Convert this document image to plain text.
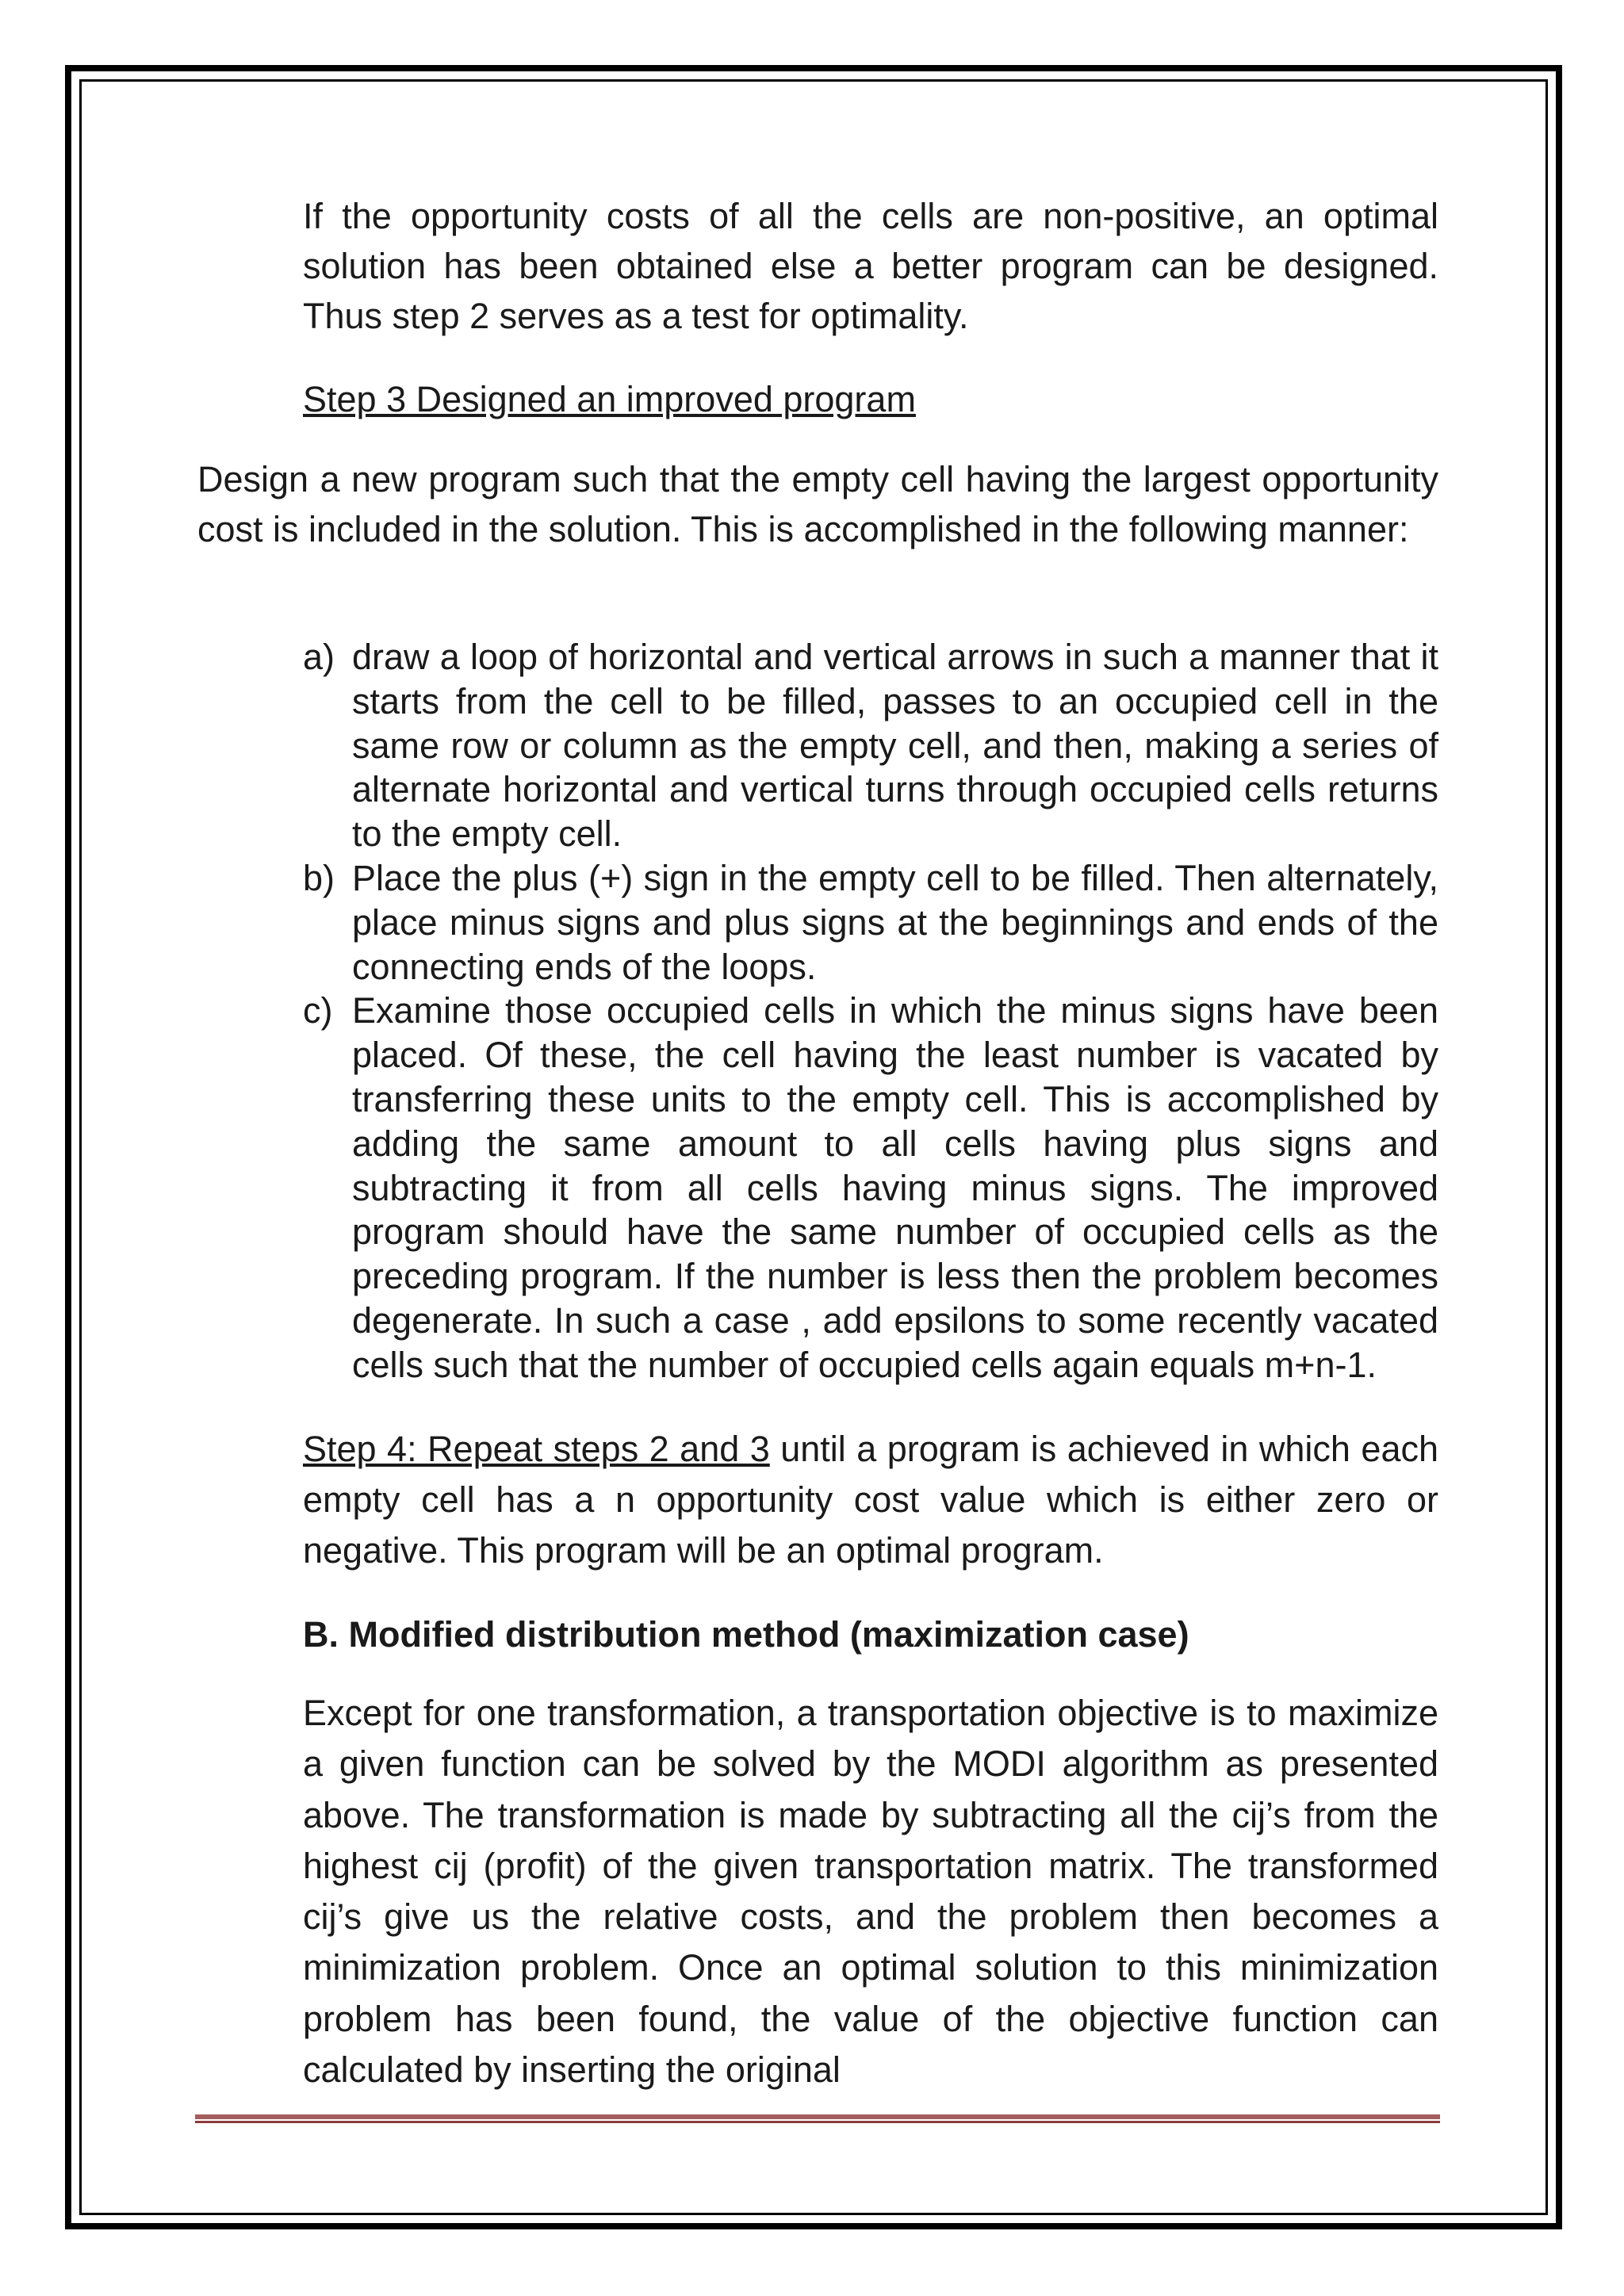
If the opportunity costs of all the cells are non-positive, an optimal solution has been obtained else a better program can be designed. Thus step 2 serves as a test for optimality.

Step 3 Designed an improved program

Design a new program such that the empty cell having the largest opportunity cost is included in the solution. This is accomplished in the following manner:

a) draw a loop of horizontal and vertical arrows in such a manner that it starts from the cell to be filled, passes to an occupied cell in the same row or column as the empty cell, and then, making a series of alternate horizontal and vertical turns through occupied cells returns to the empty cell.
b) Place the plus (+) sign in the empty cell to be filled. Then alternately, place minus signs and plus signs at the beginnings and ends of the connecting ends of the loops.
c) Examine those occupied cells in which the minus signs have been placed. Of these, the cell having the least number is vacated by transferring these units to the empty cell. This is accomplished by adding the same amount to all cells having plus signs and subtracting it from all cells having minus signs. The improved program should have the same number of occupied cells as the preceding program. If the number is less then the problem becomes degenerate. In such a case , add epsilons to some recently vacated cells such that the number of occupied cells again equals m+n-1.

Step 4: Repeat steps 2 and 3 until a program is achieved in which each empty cell has a n opportunity cost value which is either zero or negative. This program will be an optimal program.

B. Modified distribution method (maximization case)

Except for one transformation, a transportation objective is to maximize a given function can be solved by the MODI algorithm as presented above. The transformation is made by subtracting all the cij’s from the highest cij (profit) of the given transportation matrix. The transformed cij’s give us the relative costs, and the problem then becomes a minimization problem. Once an optimal solution to this minimization problem has been found, the value of the objective function can calculated by inserting the original
